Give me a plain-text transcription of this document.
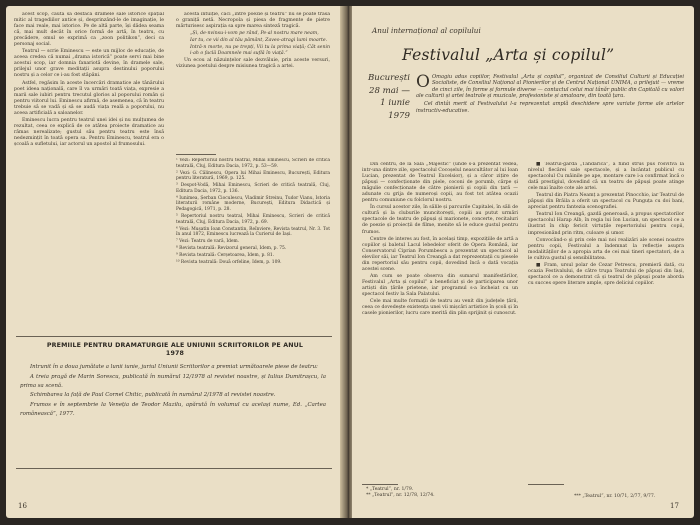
acest scop, căuta să desfacă dramele sale istorice spațial mitic al tragediilor antice și, desprinzând-le de imaginație, le face mai reale, mai istorice. Pe de altă parte, își dădea seama că, mai mult decât în orice formă de artă, în teatru, cu precădere, omul se exprimă ca „zoon politikon”, deci ca personaj social.

Teatrul — scrie Eminescu — este un mijloc de educație, de aceea credea că numai „drama istorică” poate servi mai bine acestui scop, iar domnia fanariotă devine, în dramele sale, prilejul unor grave meditații asupra destinului poporului nostru și a celor ce i-au fost stăpâni.

Astfel, regăsim în aceste încercări dramatice ale tânărului poet ideea națională, care îl va urmări toată viața, expresie a marii sale iubiri pentru trecutul glorios al poporului român și pentru viitorul lui. Eminescu afirmă, de asemenea, că în teatru trebuie să se vadă și să se audă viața reală a poporului, nu aceea artificială a saloanelor.

Eminescu lucra pentru teatrul unei idei și nu mulțumea de rezultat, ceea ce explică de ce atâtea proiecte dramatice au rămas nerealizate; gustul său pentru teatru este însă nedezmințit în toată opera sa. Pentru Eminescu, teatrul era o școală a sufletului, iar actorul un apostol al frumosului.

acestă intuiție, căci „între poezie și teatru” nu se poate trasa o graniță netă. Necropola și piesa de fragmente de pietre mărturisesc aspirația sa spre marea sinteză tragică.

„Și, de-nvinsu-i-vom pe rând, Pe-al nostru mare neam,

Iar tu, ce vii din al tău pământ, Zaveo-atragi lumi moarte.

Intră-n morte, nu pe trepți, Vii tu la prima viață; Cât senin i-ah o faclă Doamnele mai suflă în viață.”

Un ecou al năzuințelor sale dezvăluie, prin aceste versuri, viziunea poetului despre misiunea tragică a artei.

¹ Vezi: Repertoriul nostru teatral, Mihai Eminescu, Scrieri de critică teatrală, Cluj, Editura Dacia, 1972, p. 53—59.

² Vezi: G. Călinescu, Opera lui Mihai Eminescu, București, Editura pentru literatură, 1969, p. 125.

³ Despot-Vodă, Mihai Eminescu, Scrieri de critică teatrală, Cluj, Editura Dacia, 1972, p. 136.

⁴ Iunimea, Șerban Cioculescu, Vladimir Streinu, Tudor Vianu, Istoria literaturii române moderne, București, Editura Didactică și Pedagogică, 1971, p. 28.

⁵ Repertoriul nostru teatral, Mihai Eminescu, Scrieri de critică teatrală, Cluj, Editura Dacia, 1972, p. 69.

⁶ Vezi: Mușatin Ioan Constantin, Reînviere, Revista teatrul, Nr. 3. Tot în anul 1872, Eminescu lucrează la Curierul de Iași.

⁷ Vezi: Teatru de vară, Idem.

⁸ Revista teatrală: Revizorul general, Idem, p. 75.

⁹ Revista teatrală: Cerșetoarea, Idem, p. 81.

¹⁰ Revista teatrală: Două orfeline, Idem, p. 109.

PREMIILE PENTRU DRAMATURGIE ALE UNIUNII SCRIITORILOR PE ANUL 1978

Intrunit în a doua jumătate a lunii iunie, juriul Uniunii Scriitorilor a premiat următoarele piese de teatru:

A treia pragă de Marin Sorescu, publicată în numărul 12/1978 al revistei noastre, și Iulius Dumitrașcu, la prima sa scenă.

Schimbarea la față de Paul Cornel Chitic, publicată în numărul 2/1978 al revistei noastre.

Frumos e în septembrie la Veneția de Teodor Mazilu, apărută în volumul cu același nume, Ed. „Cartea românească”, 1977.

16
Anul internațional al copilului
Festivalul „Arta și copilul”
București
28 mai —
1 iunie
1979

O Omagiu adus copiilor, Festivalul „Arta și copilul”, organizat de Consiliul Culturii și Educației Socialiste, de Consiliul Național al Pionierilor și de Centrul Național UNIMA, a prilejuit — vreme de cinci zile, în forme și formule diverse — contactul celui mai tânăr public din Capitală cu valori ale culturii și artei teatrale și muzicale, profesioniste și amatoare, din toată țara.

Cel dintâi merit al Festivalului l-a reprezentat amplă deschidere spre variate forme ale artelor instructiv-educative.

Din centru, de la Sala „Majestic” (unde s-a prezentat vedea, intr-una dintre zile, spectacolul Cocoșelul neascultător al lui Ioan Lucian, prezentat de Teatrul Excelsior), și a căror zițire de păpuși — confecționate din piele, coconi de porumb, cârpe și măgulie confecționate de către pionierii și copiii din țară — adunate cu grija de numeroși copii, au fost tot atâtea ocazii pentru comuniune cu folclorul nostru.

În cursul acestor zile, în sălile și parcurile Capitalei, în săli de cultură și la cluburile muncitorești, copiii au putut urmări spectacole de teatru de păpuși și marionete, concerte, recitaluri de poezie și proiecții de filme, menite să le educe gustul pentru frumos.

Centre de interes au fost, în același timp, expozițiile de artă a copiilor și baletul Lacul lebedelor oferit de Opera Română, iar Conservatorul Ciprian Porumbescu a prezentat un spectacol al elevilor săi, iar Teatrul Ion Creangă a dat reprezentații cu piesele din repertoriul său pentru copii, dovedind încă o dată vocația acestei scene.

Am cum se poate observa din sumarul manifestărilor, Festivalul „Arta și copilul” a beneficiat și de participarea unor artiști din țările prietene, iar programul s-a încheiat cu un spectacol festiv la Sala Palatului.

Cele mai multe formații de teatru au venit din județele țării, ceea ce dovedește existența unei vii mișcări artistice în școli și în casele pionierilor, lucru care merită din plin sprijinit și cunoscut.

■ Teatrul-gardă „Tăndărică”, a fiind strus pus rosvitva la nivelul fiecărei sale spectacole, și a încântat publicul cu spectacolul Cu mâinile pe ape, montare care i-a confirmat încă o dată prestigiul, dovedind că un teatru de păpuși poate atinge cele mai înalte cote ale artei.

Teatrul din Piatra Neamț a prezentat Pinocchio, iar Teatrul de păpuși din Brăila a oferit un spectacol cu Punguța cu doi bani, apreciat pentru fantezia scenografiei.

Teatrul Ion Creangă, gazdă generoasă, a propus spectatorilor spectacolul Harap Alb, în regia lui Ion Lucian, un spectacol ce a ilustrat în chip fericit virtuțile repertoriului pentru copii, impresionând prin ritm, culoare și umor.

Convocând-o și prin cele mai noi realizări ale scenei noastre pentru copii, Festivalul a îndemnat la reflecție asupra modalităților de a apropia arta de cei mai tineri spectatori, de a le cultiva gustul și sensibilitatea.

■ Fram, ursul polar de Cezar Petrescu, premieră dată, cu ocazia Festivalului, de către trupa Teatrului de păpuși din Iași, spectacol ce a demonstrat că și teatrul de păpuși poate aborda cu succes opere literare ample, spre deliciul copiilor.

* „Teatrul”, nr. 1/79.
** „Teatrul”, nr. 12/78, 12/74.	*** „Teatrul”, nr. 10/71, 2/77, 9/77.
17
